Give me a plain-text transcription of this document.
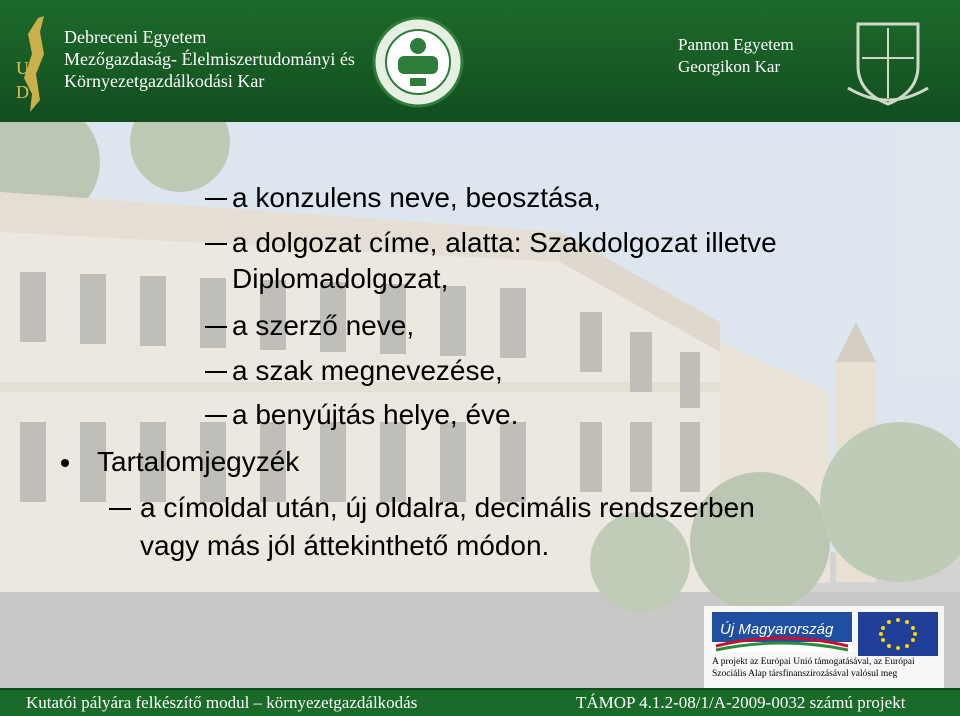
U
D
Debreceni Egyetem
Mezőgazdaság- Élelmiszertudományi és
Környezetgazdálkodási Kar
Pannon Egyetem
Georgikon Kar
a konzulens neve, beosztása,
a dolgozat címe, alatta: Szakdolgozat illetve
Diplomadolgozat,
a szerző neve,
a szak megnevezése,
a benyújtás helye, éve.
Tartalomjegyzék
a címoldal után, új oldalra, decimális rendszerben
vagy más jól áttekinthető módon.
Új Magyarország
A projekt az Európai Unió támogatásával, az Európai
Szociális Alap társfinanszírozásával valósul meg
Kutatói pályára felkészítő modul – környezetgazdálkodás	TÁMOP 4.1.2-08/1/A-2009-0032 számú projekt
